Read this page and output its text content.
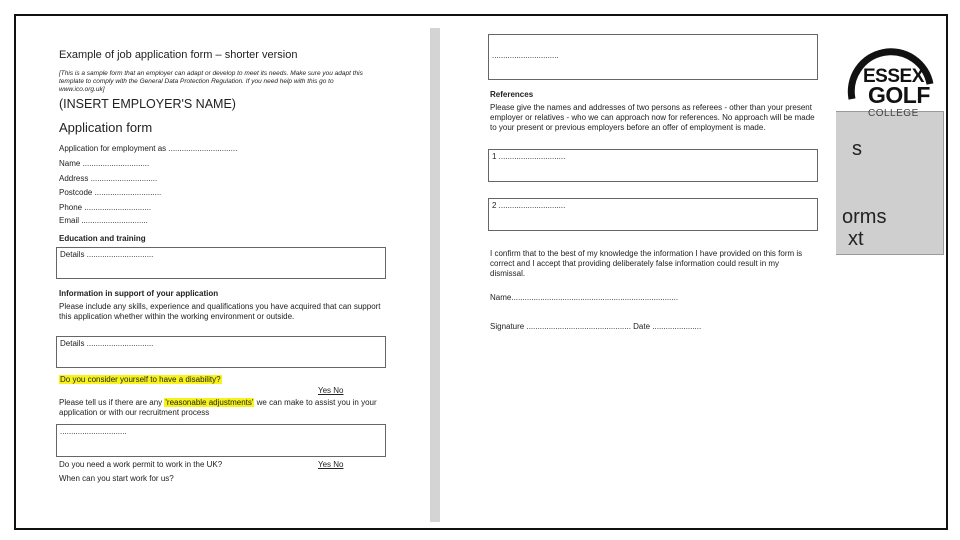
s
orms
xt
ESSEX
GOLF
COLLEGE
Example of job application form – shorter version
[This is a sample form that an employer can adapt or develop to meet its needs. Make sure you adapt this template to comply with the General Data Protection Regulation. If you need help with this go to www.ico.org.uk]
(INSERT EMPLOYER'S NAME)
Application form
Application for employment as ...............................
Name ..............................
Address ..............................
Postcode ..............................
Phone ..............................
Email ..............................
Education and training
Details ..............................
Information in support of your application
Please include any skills, experience and qualifications you have acquired that can support this application whether within the working environment or outside.
Details ..............................
Do you consider yourself to have a disability?
Yes No
Please tell us if there are any 'reasonable adjustments' we can make to assist you in your application or with our recruitment process
..............................
Do you need a work permit to work in the UK?	Yes No
When can you start work for us?
..............................
References
Please give the names and addresses of two persons as referees - other than your present employer or relatives - who we can approach now for references. No approach will be made to your present or previous employers before an offer of employment is made.
1 ..............................
2 ..............................
I confirm that to the best of my knowledge the information I have provided on this form is correct and I accept that providing deliberately false information could result in my dismissal.
Name...........................................................................
Signature ............................................... Date ......................
